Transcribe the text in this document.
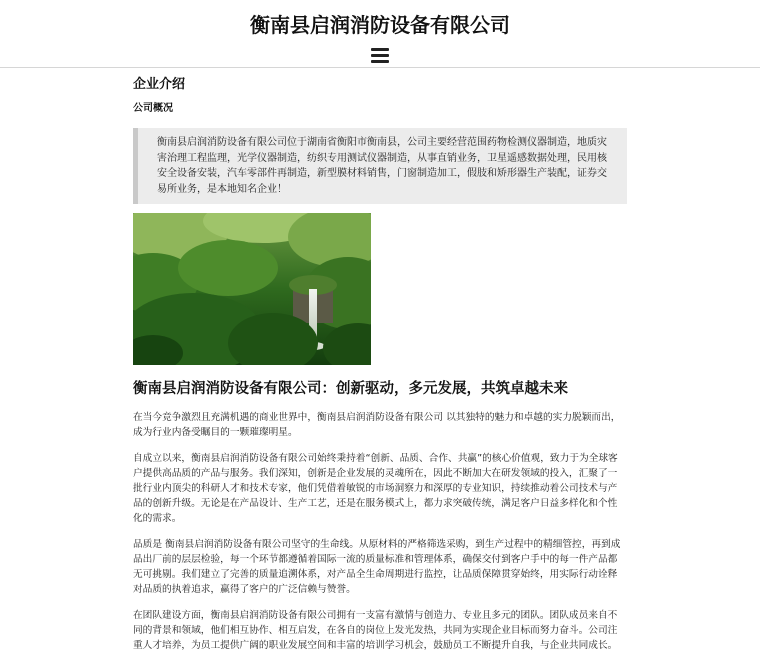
衡南县启润消防设备有限公司
企业介绍
公司概况
衡南县启润消防设备有限公司位于湖南省衡阳市衡南县，公司主要经营范围药物检测仪器制造，地质灾害治理工程监理，光学仪器制造，纺织专用测试仪器制造，从事直销业务，卫星遥感数据处理，民用核安全设备安装，汽车零部件再制造，新型膜材料销售，门窗制造加工，假肢和矫形器生产装配，证券交易所业务，是本地知名企业！
衡南县启润消防设备有限公司：创新驱动，多元发展，共筑卓越未来

在当今竞争激烈且充满机遇的商业世界中，衡南县启润消防设备有限公司 以其独特的魅力和卓越的实力脱颖而出，成为行业内备受瞩目的一颗璀璨明星。

自成立以来，衡南县启润消防设备有限公司始终秉持着“创新、品质、合作、共赢”的核心价值观，致力于为全球客户提供高品质的产品与服务。我们深知，创新是企业发展的灵魂所在，因此不断加大在研发领域的投入，汇聚了一批行业内顶尖的科研人才和技术专家，他们凭借着敏锐的市场洞察力和深厚的专业知识，持续推动着公司技术与产品的创新升级。无论是在产品设计、生产工艺，还是在服务模式上，都力求突破传统，满足客户日益多样化和个性化的需求。

品质是 衡南县启润消防设备有限公司坚守的生命线。从原材料的严格筛选采购，到生产过程中的精细管控，再到成品出厂前的层层检验，每一个环节都遵循着国际一流的质量标准和管理体系，确保交付到客户手中的每一件产品都无可挑剔。我们建立了完善的质量追溯体系，对产品全生命周期进行监控，让品质保障贯穿始终，用实际行动诠释对品质的执着追求，赢得了客户的广泛信赖与赞誉。

在团队建设方面，衡南县启润消防设备有限公司拥有一支富有激情与创造力、专业且多元的团队。团队成员来自不同的背景和领域，他们相互协作、相互启发，在各自的岗位上发光发热，共同为实现企业目标而努力奋斗。公司注重人才培养，为员工提供广阔的职业发展空间和丰富的培训学习机会，鼓励员工不断提升自我，与企业共同成长。
